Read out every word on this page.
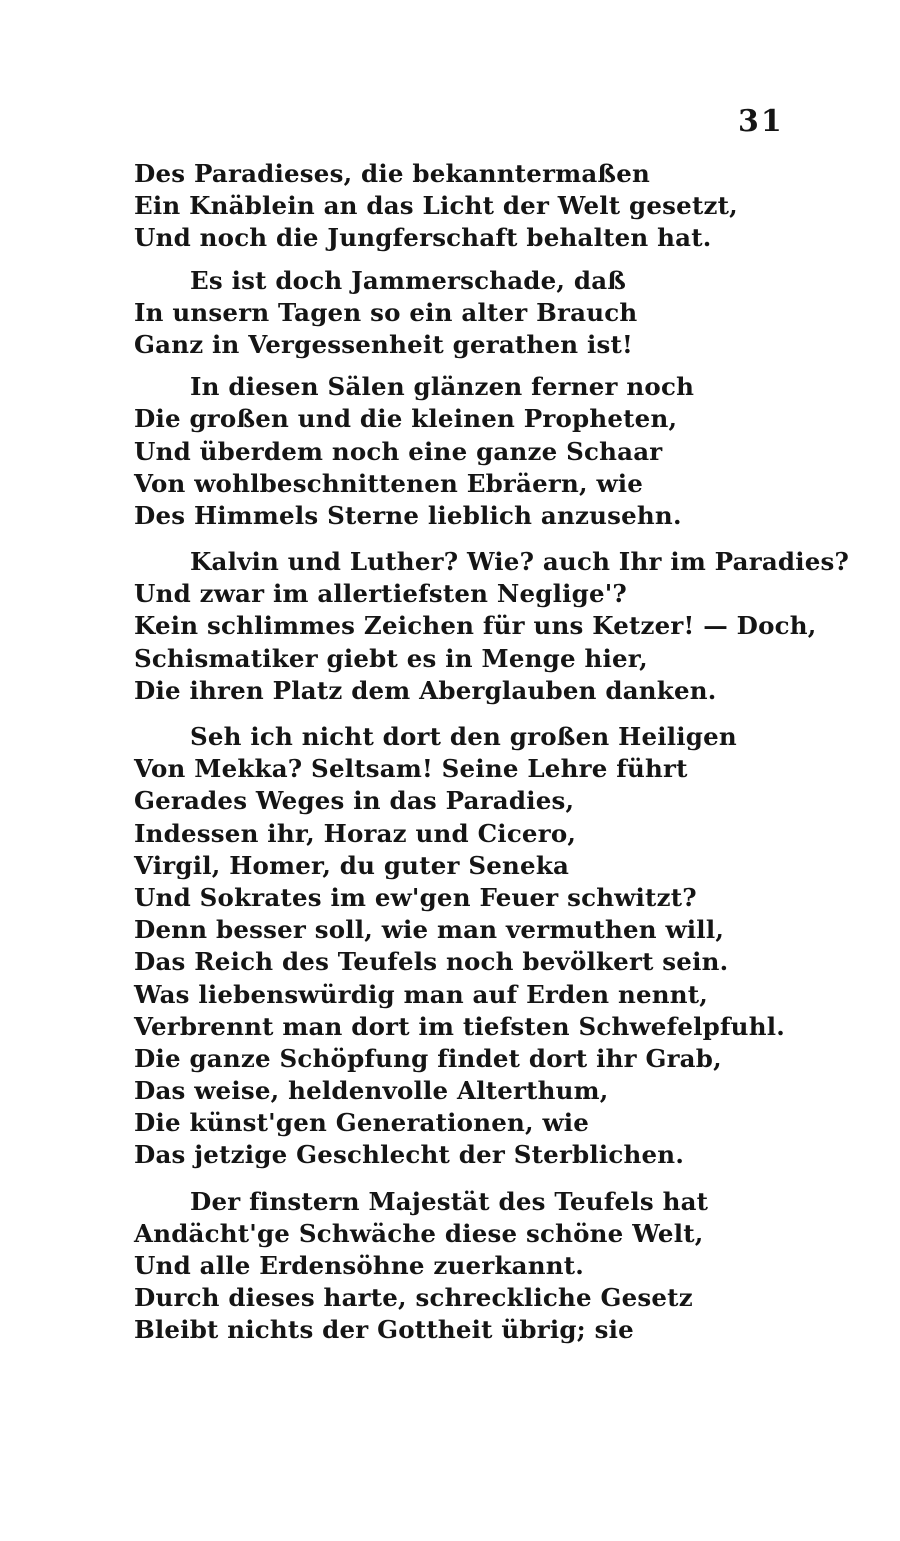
31
Des Paradieses, die bekanntermaßen
Ein Knäblein an das Licht der Welt gesetzt,
Und noch die Jungferschaft behalten hat.
Es ist doch Jammerschade, daß
In unsern Tagen so ein alter Brauch
Ganz in Vergessenheit gerathen ist!
In diesen Sälen glänzen ferner noch
Die großen und die kleinen Propheten,
Und überdem noch eine ganze Schaar
Von wohlbeschnittenen Ebräern, wie
Des Himmels Sterne lieblich anzusehn.
Kalvin und Luther? Wie? auch Ihr im Paradies?
Und zwar im allertiefsten Neglige'?
Kein schlimmes Zeichen für uns Ketzer! — Doch,
Schismatiker giebt es in Menge hier,
Die ihren Platz dem Aberglauben danken.
Seh ich nicht dort den großen Heiligen
Von Mekka? Seltsam! Seine Lehre führt
Gerades Weges in das Paradies,
Indessen ihr, Horaz und Cicero,
Virgil, Homer, du guter Seneka
Und Sokrates im ew'gen Feuer schwitzt?
Denn besser soll, wie man vermuthen will,
Das Reich des Teufels noch bevölkert sein.
Was liebenswürdig man auf Erden nennt,
Verbrennt man dort im tiefsten Schwefelpfuhl.
Die ganze Schöpfung findet dort ihr Grab,
Das weise, heldenvolle Alterthum,
Die künst'gen Generationen, wie
Das jetzige Geschlecht der Sterblichen.
Der finstern Majestät des Teufels hat
Andächt'ge Schwäche diese schöne Welt,
Und alle Erdensöhne zuerkannt.
Durch dieses harte, schreckliche Gesetz
Bleibt nichts der Gottheit übrig; sie
